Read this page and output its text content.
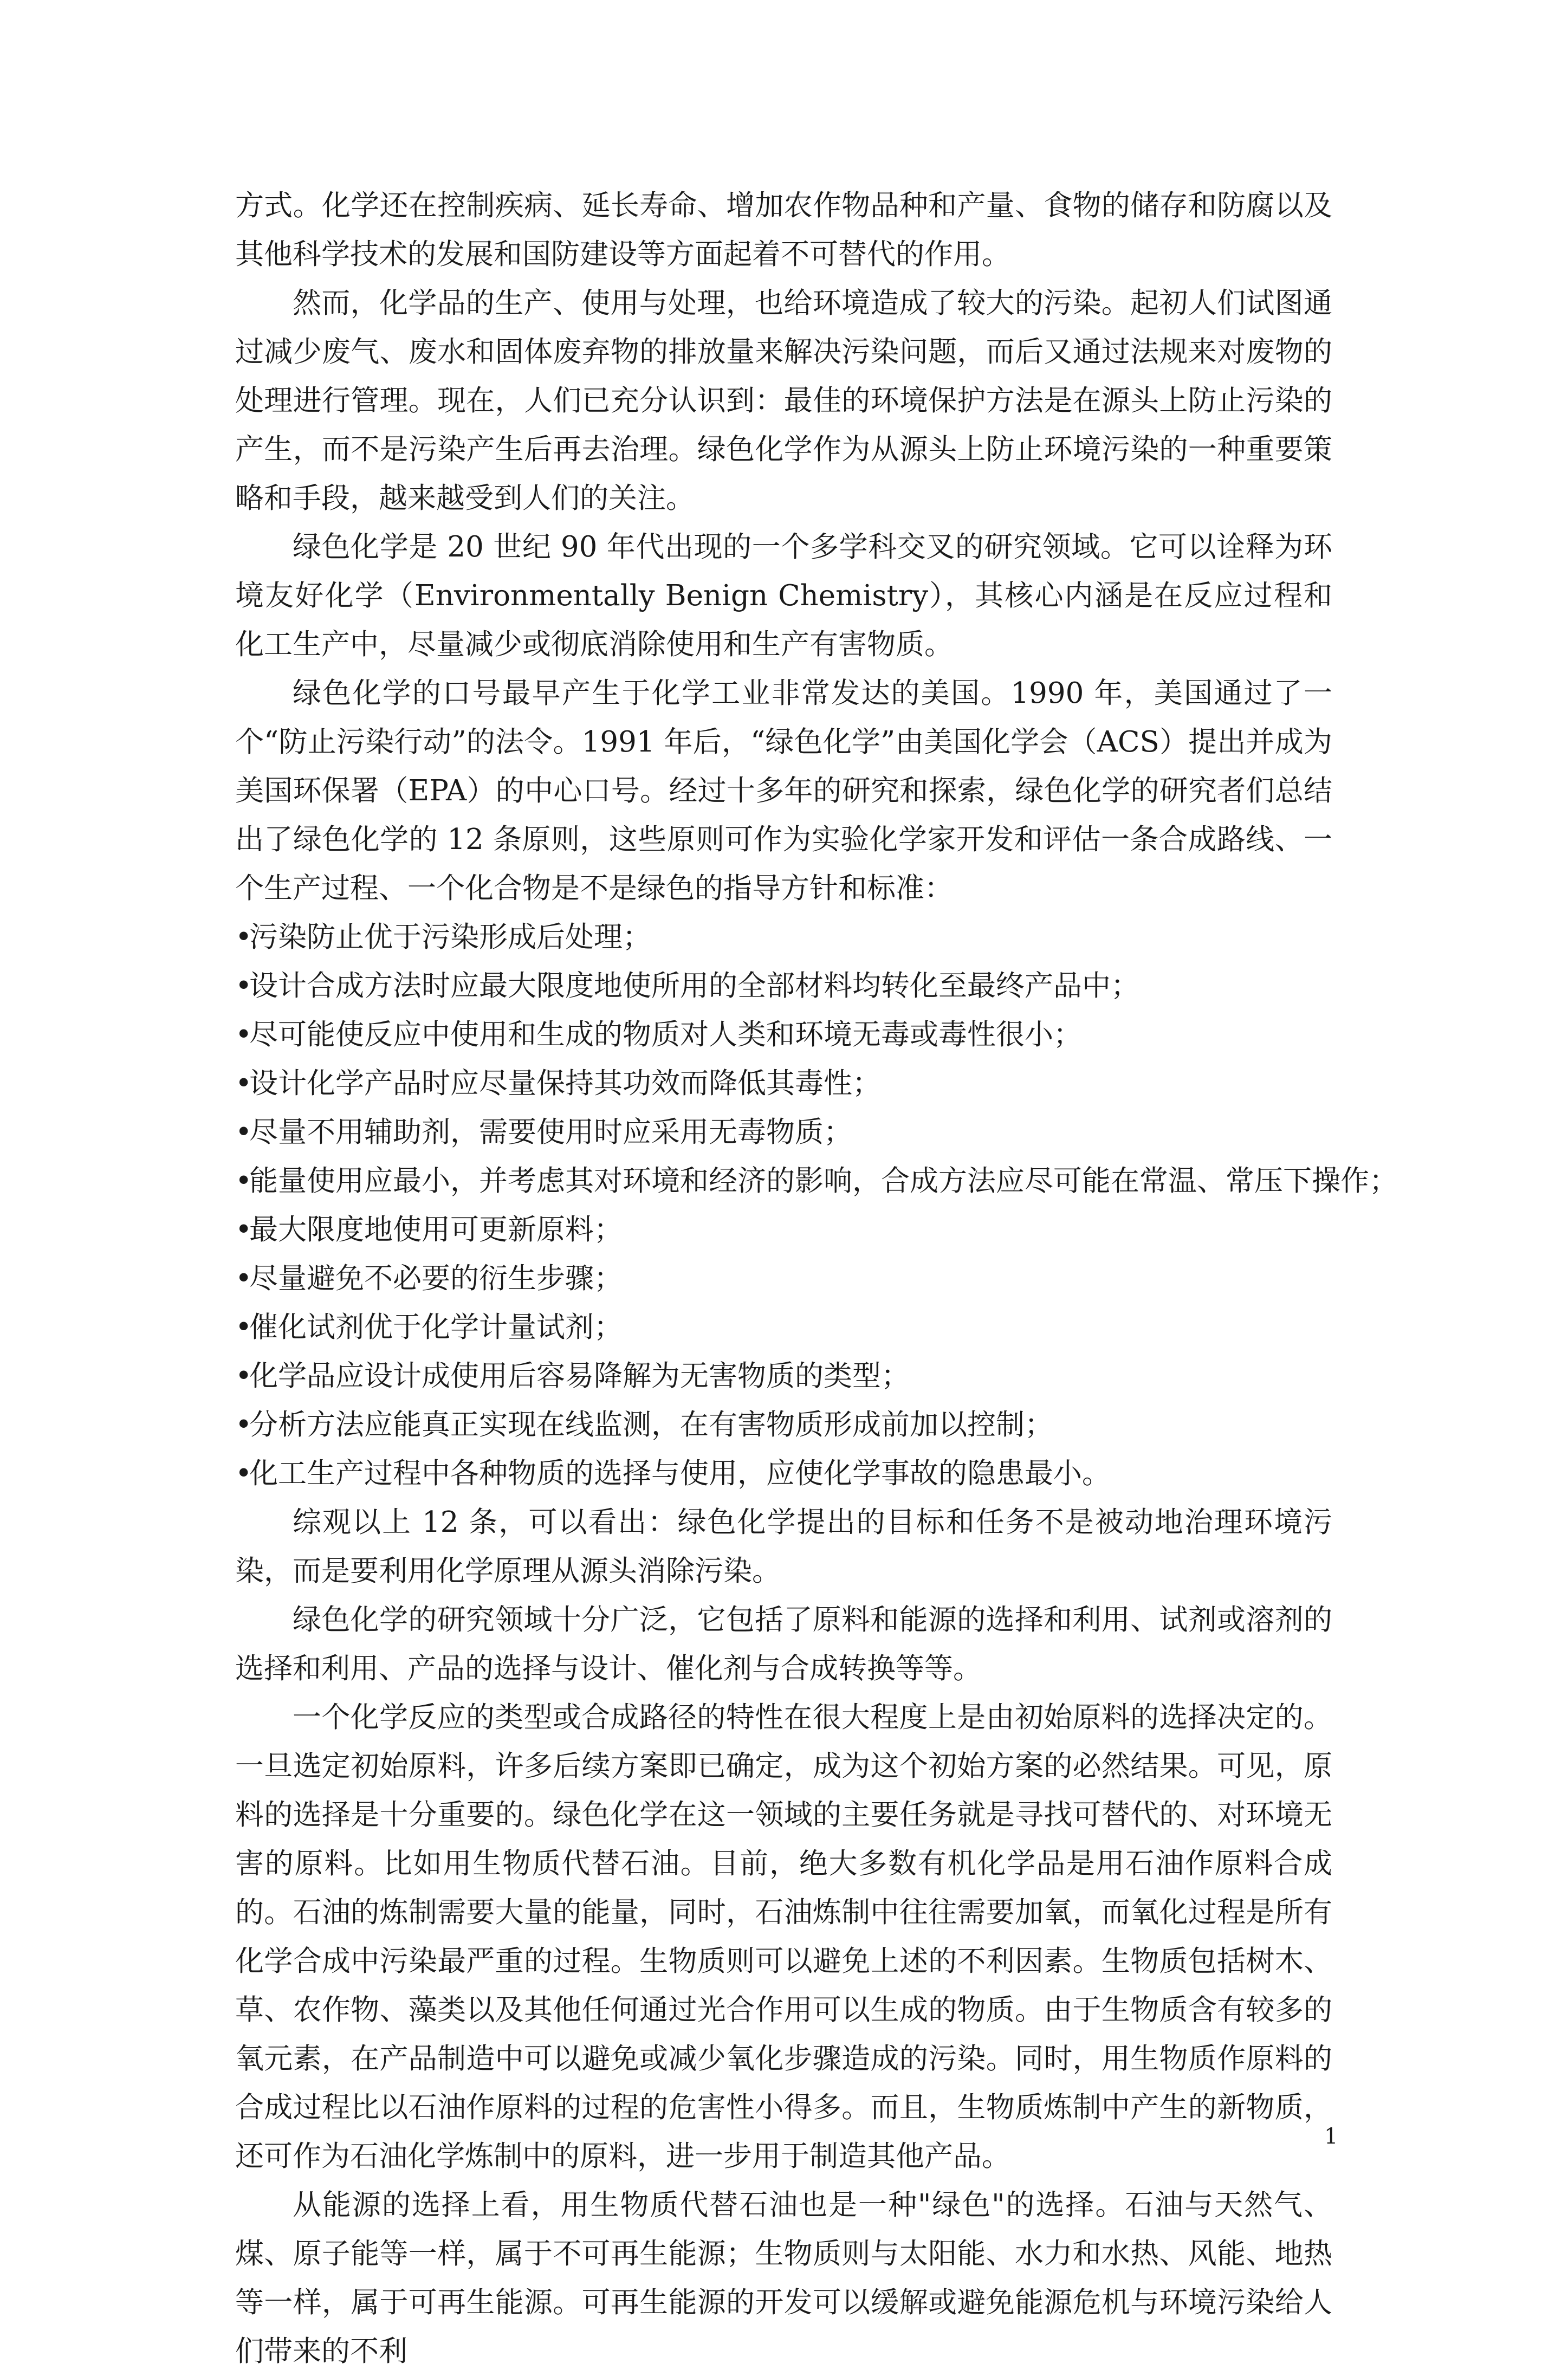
方式。化学还在控制疾病、延长寿命、增加农作物品种和产量、食物的储存和防腐以及其他科学技术的发展和国防建设等方面起着不可替代的作用。

然而，化学品的生产、使用与处理，也给环境造成了较大的污染。起初人们试图通过减少废气、废水和固体废弃物的排放量来解决污染问题，而后又通过法规来对废物的处理进行管理。现在，人们已充分认识到：最佳的环境保护方法是在源头上防止污染的产生，而不是污染产生后再去治理。绿色化学作为从源头上防止环境污染的一种重要策略和手段，越来越受到人们的关注。

绿色化学是 20 世纪 90 年代出现的一个多学科交叉的研究领域。它可以诠释为环境友好化学（Environmentally Benign Chemistry），其核心内涵是在反应过程和化工生产中，尽量减少或彻底消除使用和生产有害物质。

绿色化学的口号最早产生于化学工业非常发达的美国。1990 年，美国通过了一个“防止污染行动”的法令。1991 年后，“绿色化学”由美国化学会（ACS）提出并成为美国环保署（EPA）的中心口号。经过十多年的研究和探索，绿色化学的研究者们总结出了绿色化学的 12 条原则，这些原则可作为实验化学家开发和评估一条合成路线、一个生产过程、一个化合物是不是绿色的指导方针和标准：

•污染防止优于污染形成后处理；

•设计合成方法时应最大限度地使所用的全部材料均转化至最终产品中；

•尽可能使反应中使用和生成的物质对人类和环境无毒或毒性很小；

•设计化学产品时应尽量保持其功效而降低其毒性；

•尽量不用辅助剂，需要使用时应采用无毒物质；

•能量使用应最小，并考虑其对环境和经济的影响，合成方法应尽可能在常温、常压下操作；

•最大限度地使用可更新原料；

•尽量避免不必要的衍生步骤；

•催化试剂优于化学计量试剂；

•化学品应设计成使用后容易降解为无害物质的类型；

•分析方法应能真正实现在线监测，在有害物质形成前加以控制；

•化工生产过程中各种物质的选择与使用，应使化学事故的隐患最小。

综观以上 12 条，可以看出：绿色化学提出的目标和任务不是被动地治理环境污染，而是要利用化学原理从源头消除污染。

绿色化学的研究领域十分广泛，它包括了原料和能源的选择和利用、试剂或溶剂的选择和利用、产品的选择与设计、催化剂与合成转换等等。

一个化学反应的类型或合成路径的特性在很大程度上是由初始原料的选择决定的。一旦选定初始原料，许多后续方案即已确定，成为这个初始方案的必然结果。可见，原料的选择是十分重要的。绿色化学在这一领域的主要任务就是寻找可替代的、对环境无害的原料。比如用生物质代替石油。目前，绝大多数有机化学品是用石油作原料合成的。石油的炼制需要大量的能量，同时，石油炼制中往往需要加氧，而氧化过程是所有化学合成中污染最严重的过程。生物质则可以避免上述的不利因素。生物质包括树木、草、农作物、藻类以及其他任何通过光合作用可以生成的物质。由于生物质含有较多的氧元素，在产品制造中可以避免或减少氧化步骤造成的污染。同时，用生物质作原料的合成过程比以石油作原料的过程的危害性小得多。而且，生物质炼制中产生的新物质，还可作为石油化学炼制中的原料，进一步用于制造其他产品。

从能源的选择上看，用生物质代替石油也是一种"绿色"的选择。石油与天然气、煤、原子能等一样，属于不可再生能源；生物质则与太阳能、水力和水热、风能、地热等一样，属于可再生能源。可再生能源的开发可以缓解或避免能源危机与环境污染给人们带来的不利

1
